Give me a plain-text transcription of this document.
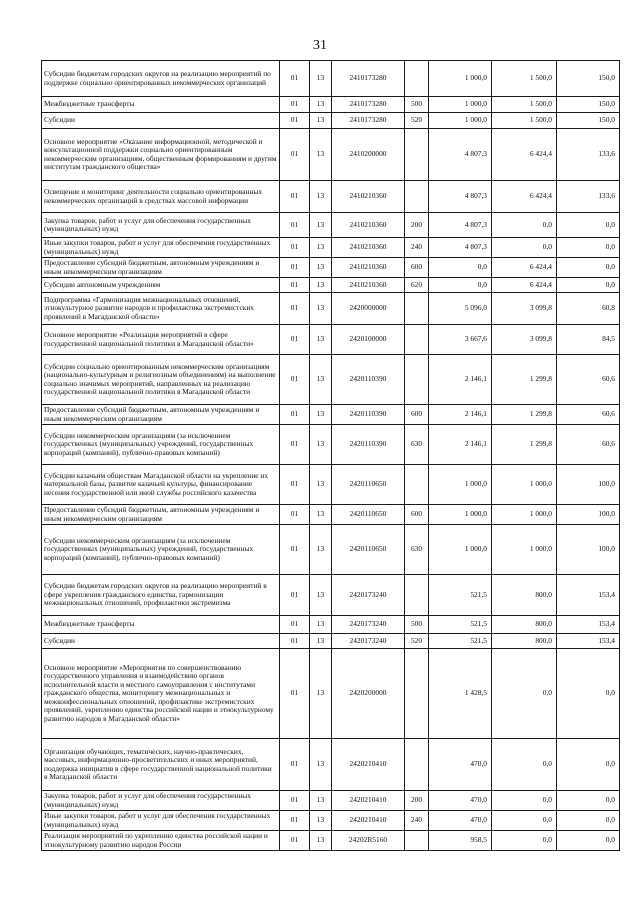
31
Субсидии бюджетам городских округов на реализацию мероприятий по поддержке социально ориентированных некоммерческих организаций	01	13	2410173280		1 000,0	1 500,0	150,0
Межбюджетные трансферты	01	13	2410173280	500	1 000,0	1 500,0	150,0
Субсидии	01	13	2410173280	520	1 000,0	1 500,0	150,0
Основное мероприятие «Оказание информационной, методической и консультационной поддержки социально ориентированным некоммерческим организациям, общественным формированиям и другим институтам гражданского общества»	01	13	2410200000		4 807,3	6 424,4	133,6
Освещение и мониторинг деятельности социально ориентированных некоммерческих организаций в средствах массовой информации	01	13	2410210360		4 807,3	6 424,4	133,6
Закупка товаров, работ и услуг для обеспечения государственных (муниципальных) нужд	01	13	2410210360	200	4 807,3	0,0	0,0
Иные закупки товаров, работ и услуг для обеспечения государственных (муниципальных) нужд	01	13	2410210360	240	4 807,3	0,0	0,0
Предоставление субсидий бюджетным, автономным учреждениям и иным некоммерческим организациям	01	13	2410210360	600	0,0	6 424,4	0,0
Субсидии автономным учреждениям	01	13	2410210360	620	0,0	6 424,4	0,0
Подпрограмма «Гармонизация межнациональных отношений, этнокультурное развитие народов и профилактика экстремистских проявлений в Магаданской области»	01	13	2420000000		5 096,0	3 099,8	60,8
Основное мероприятие «Реализация мероприятий в сфере государственной национальной политики в Магаданской области»	01	13	2420100000		3 667,6	3 099,8	84,5
Субсидии социально ориентированным некоммерческим организациям (национально-культурным и религиозным объединениям) на выполнение социально значимых мероприятий, направленных на реализацию государственной национальной политики в Магаданской области	01	13	2420110390		2 146,1	1 299,8	60,6
Предоставление субсидий бюджетным, автономным учреждениям и иным некоммерческим организациям	01	13	2420110390	600	2 146,1	1 299,8	60,6
Субсидии некоммерческим организациям (за исключением государственных (муниципальных) учреждений, государственных корпораций (компаний), публично-правовых компаний)	01	13	2420110390	630	2 146,1	1 299,8	60,6
Субсидии казачьим обществам Магаданской области на укрепление их материальной базы, развитие казачьей культуры, финансирование несения государственной или иной службы российского казачества	01	13	2420110650		1 000,0	1 000,0	100,0
Предоставление субсидий бюджетным, автономным учреждениям и иным некоммерческим организациям	01	13	2420110650	600	1 000,0	1 000,0	100,0
Субсидии некоммерческим организациям (за исключением государственных (муниципальных) учреждений, государственных корпораций (компаний), публично-правовых компаний)	01	13	2420110650	630	1 000,0	1 000,0	100,0
Субсидии бюджетам городских округов на реализацию мероприятий в сфере укрепления гражданского единства, гармонизации межнациональных отношений, профилактики экстремизма	01	13	2420173240		521,5	800,0	153,4
Межбюджетные трансферты	01	13	2420173240	500	521,5	800,0	153,4
Субсидии	01	13	2420173240	520	521,5	800,0	153,4
Основное мероприятие «Мероприятия по совершенствованию государственного управления и взаимодействию органов исполнительной власти и местного самоуправления с институтами гражданского общества, мониторингу межнациональных и межконфессиональных отношений, профилактике экстремистских проявлений, укреплению единства российской нации и этнокультурному развитию народов в Магаданской области»	01	13	2420200000		1 428,5	0,0	0,0
Организация обучающих, тематических, научно-практических, массовых, информационно-просветительских и иных мероприятий, поддержка инициатив в сфере государственной национальной политики в Магаданской области	01	13	2420210410		470,0	0,0	0,0
Закупка товаров, работ и услуг для обеспечения государственных (муниципальных) нужд	01	13	2420210410	200	470,0	0,0	0,0
Иные закупки товаров, работ и услуг для обеспечения государственных (муниципальных) нужд	01	13	2420210410	240	470,0	0,0	0,0
Реализация мероприятий по укреплению единства российской нации и этнокультурному развитию народов России	01	13	24202R5160		958,5	0,0	0,0
